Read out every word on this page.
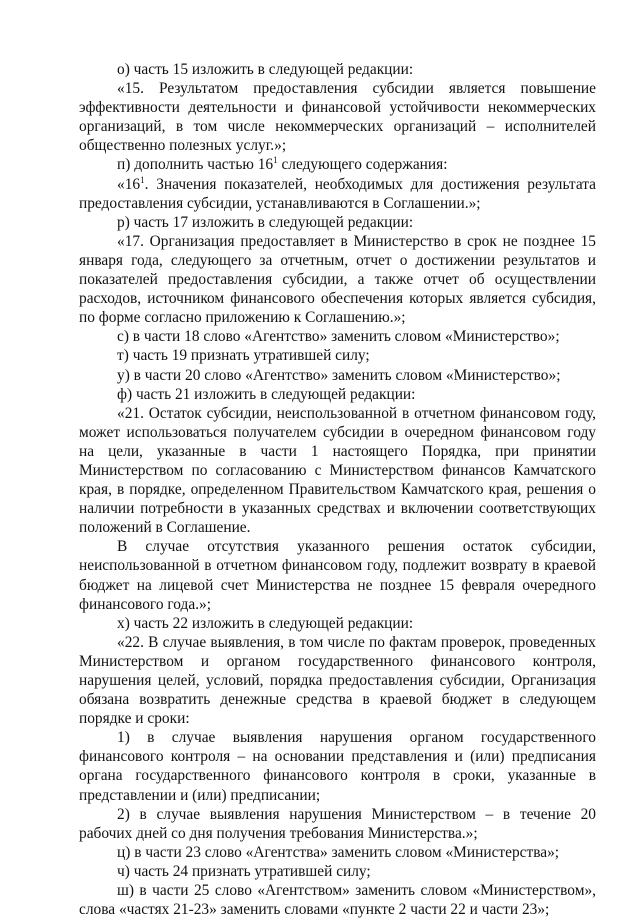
о) часть 15 изложить в следующей редакции:

«15. Результатом предоставления субсидии является повышение эффективности деятельности и финансовой устойчивости некоммерческих организаций, в том числе некоммерческих организаций – исполнителей общественно полезных услуг.»;

п) дополнить частью $16^1$ следующего содержания:

«$16^1$. Значения показателей, необходимых для достижения результата предоставления субсидии, устанавливаются в Соглашении.»;

р) часть 17 изложить в следующей редакции:

«17. Организация предоставляет в Министерство в срок не позднее 15 января года, следующего за отчетным, отчет о достижении результатов и показателей предоставления субсидии, а также отчет об осуществлении расходов, источником финансового обеспечения которых является субсидия, по форме согласно приложению к Соглашению.»;

с) в части 18 слово «Агентство» заменить словом «Министерство»;

т) часть 19 признать утратившей силу;

у) в части 20 слово «Агентство» заменить словом «Министерство»;

ф) часть 21 изложить в следующей редакции:

«21. Остаток субсидии, неиспользованной в отчетном финансовом году, может использоваться получателем субсидии в очередном финансовом году на цели, указанные в части 1 настоящего Порядка, при принятии Министерством по согласованию с Министерством финансов Камчатского края, в порядке, определенном Правительством Камчатского края, решения о наличии потребности в указанных средствах и включении соответствующих положений в Соглашение.

В случае отсутствия указанного решения остаток субсидии, неиспользованной в отчетном финансовом году, подлежит возврату в краевой бюджет на лицевой счет Министерства не позднее 15 февраля очередного финансового года.»;

х) часть 22 изложить в следующей редакции:

«22. В случае выявления, в том числе по фактам проверок, проведенных Министерством и органом государственного финансового контроля, нарушения целей, условий, порядка предоставления субсидии, Организация обязана возвратить денежные средства в краевой бюджет в следующем порядке и сроки:

1) в случае выявления нарушения органом государственного финансового контроля – на основании представления и (или) предписания органа государственного финансового контроля в сроки, указанные в представлении и (или) предписании;

2) в случае выявления нарушения Министерством – в течение 20 рабочих дней со дня получения требования Министерства.»;

ц) в части 23 слово «Агентства» заменить словом «Министерства»;

ч) часть 24 признать утратившей силу;

ш) в части 25 слово «Агентством» заменить словом «Министерством», слова «частях 21-23» заменить словами «пункте 2 части 22 и части 23»;
